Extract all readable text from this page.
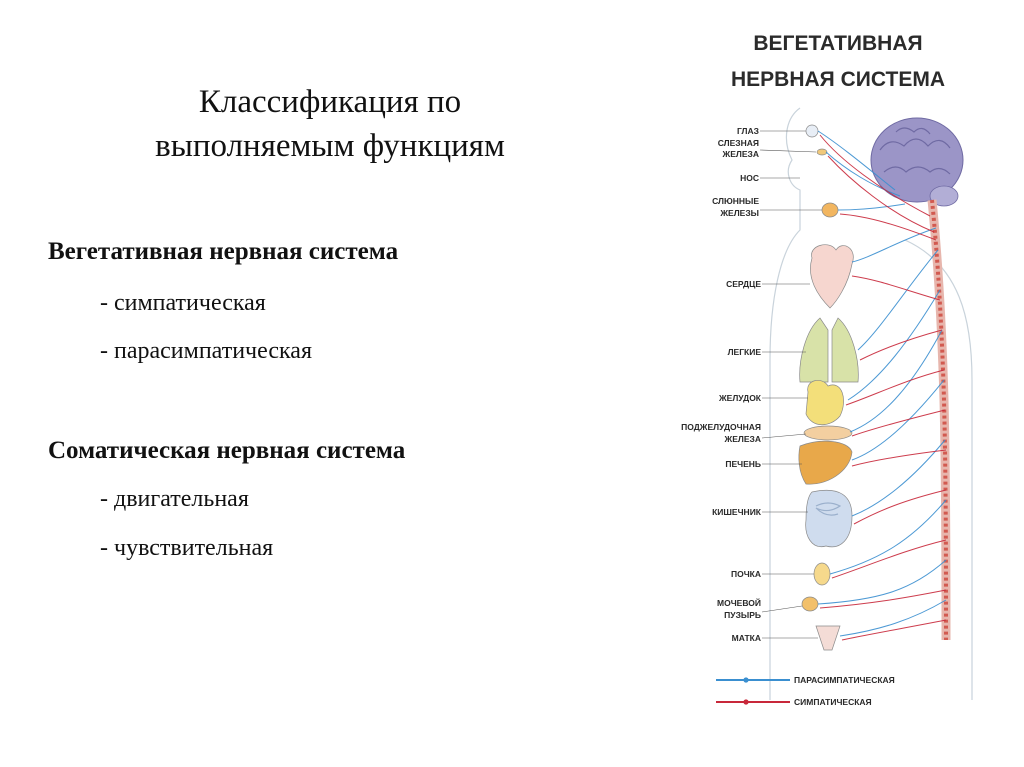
Классификация по
выполняемым функциям
Вегетативная нервная система
- симпатическая
- парасимпатическая
Соматическая нервная система
- двигательная
- чувствительная
ВЕГЕТАТИВНАЯ
НЕРВНАЯ СИСТЕМА
ГЛАЗ
СЛЕЗНАЯ
ЖЕЛЕЗА
НОС
СЛЮННЫЕ
ЖЕЛЕЗЫ
СЕРДЦЕ
ЛЕГКИЕ
ЖЕЛУДОК
ПОДЖЕЛУДОЧНАЯ
ЖЕЛЕЗА
ПЕЧЕНЬ
КИШЕЧНИК
ПОЧКА
МОЧЕВОЙ
ПУЗЫРЬ
МАТКА
ПАРАСИМПАТИЧЕСКАЯ
СИМПАТИЧЕСКАЯ
